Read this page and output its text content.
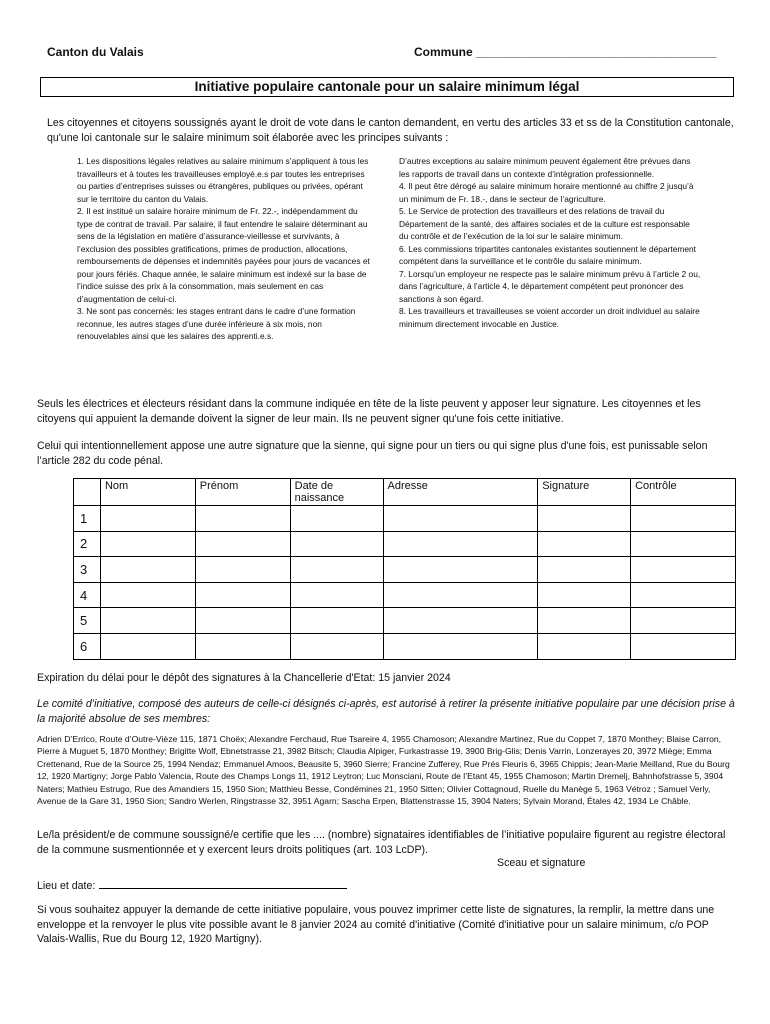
Canton du Valais	Commune ____________________________________
Initiative populaire cantonale pour un salaire minimum légal
Les citoyennes et citoyens soussignés ayant le droit de vote dans le canton demandent, en vertu des articles 33 et ss de la Constitution cantonale, qu'une loi cantonale sur le salaire minimum soit élaborée avec les principes suivants :

1. Les dispositions légales relatives au salaire minimum s’appliquent à tous les travailleurs et à toutes les travailleuses employé.e.s par toutes les entreprises ou parties d’entreprises suisses ou étrangères, publiques ou privées, opérant sur le territoire du canton du Valais.

2. Il est institué un salaire horaire minimum de Fr. 22.-, indépendamment du type de contrat de travail. Par salaire, il faut entendre le salaire déterminant au sens de la législation en matière d’assurance-vieillesse et survivants, à l’exclusion des possibles gratifications, primes de production, allocations, remboursements de dépenses et indemnités payées pour jours de vacances et pour jours fériés. Chaque année, le salaire minimum est indexé sur la base de l’indice suisse des prix à la consommation, mais seulement en cas d’augmentation de celui-ci.

3. Ne sont pas concernés: les stages entrant dans le cadre d’une formation reconnue, les autres stages d’une durée inférieure à six mois, non renouvelables ainsi que les salaires des apprenti.e.s.

D’autres exceptions au salaire minimum peuvent également être prévues dans les rapports de travail dans un contexte d’intégration professionnelle.

4. Il peut être dérogé au salaire minimum horaire mentionné au chiffre 2 jusqu’à un minimum de Fr. 18.-, dans le secteur de l’agriculture.

5. Le Service de protection des travailleurs et des relations de travail du Département de la santé, des affaires sociales et de la culture est responsable du contrôle et de l’exécution de la loi sur le salaire minimum.

6. Les commissions tripartites cantonales existantes soutiennent le département compétent dans la surveillance et le contrôle du salaire minimum.

7. Lorsqu’un employeur ne respecte pas le salaire minimum prévu à l’article 2 ou, dans l’agriculture, à l’article 4, le département compétent peut prononcer des sanctions à son égard.

8. Les travailleurs et travailleuses se voient accorder un droit individuel au salaire minimum directement invocable en Justice.

Seuls les électrices et électeurs résidant dans la commune indiquée en tête de la liste peuvent y apposer leur signature. Les citoyennes et les citoyens qui appuient la demande doivent la signer de leur main. Ils ne peuvent signer qu'une fois cette initiative.
Celui qui intentionnellement appose une autre signature que la sienne, qui signe pour un tiers ou qui signe plus d'une fois, est punissable selon l’article 282 du code pénal.
	Nom	Prénom	Date de naissance	Adresse	Signature	Contrôle
1						
2						
3						
4						
5						
6						
Expiration du délai pour le dépôt des signatures à la Chancellerie d'Etat: 15 janvier 2024
Le comité d’initiative, composé des auteurs de celle-ci désignés ci-après, est autorisé à retirer la présente initiative populaire par une décision prise à la majorité absolue de ses membres:
Adrien D’Errico, Route d’Outre-Vièze 115, 1871 Choëx; Alexandre Ferchaud, Rue Tsareire 4, 1955 Chamoson; Alexandre Martinez, Rue du Coppet 7, 1870 Monthey; Blaise Carron, Pierre à Muguet 5, 1870 Monthey; Brigitte Wolf, Ebnetstrasse 21, 3982 Bitsch; Claudia Alpiger, Furkastrasse 19, 3900 Brig-Glis; Denis Varrin, Lonzerayes 20, 3972 Miège; Emma Crettenand, Rue de la Source 25, 1994 Nendaz; Emmanuel Amoos, Beausite 5, 3960 Sierre; Francine Zufferey, Rue Prés Fleuris 6, 3965 Chippis; Jean-Marie Meilland, Rue du Bourg 12, 1920 Martigny; Jorge Pablo Valencia, Route des Champs Longs 11, 1912 Leytron; Luc Monsciani, Route de l’Etant 45, 1955 Chamoson; Martin Dremelj, Bahnhofstrasse 5, 3904 Naters; Mathieu Estrugo, Rue des Amandiers 15, 1950 Sion; Matthieu Besse, Condémines 21, 1950 Sitten; Olivier Cottagnoud, Ruelle du Manège 5, 1963 Vétroz ; Samuel Verly, Avenue de la Gare 31, 1950 Sion; Sandro Werlen, Ringstrasse 32, 3951 Agarn; Sascha Erpen, Blattenstrasse 15, 3904 Naters; Sylvain Morand, Étales 42, 1934 Le Châble.
Le/la président/e de commune soussigné/e certifie que les .... (nombre) signataires identifiables de l’initiative populaire figurent au registre électoral de la commune susmentionnée et y exercent leurs droits politiques (art. 103 LcDP).
Sceau et signature
Lieu et date:
Si vous souhaitez appuyer la demande de cette initiative populaire, vous pouvez imprimer cette liste de signatures, la remplir, la mettre dans une enveloppe et la renvoyer le plus vite possible avant le 8 janvier 2024 au comité d'initiative (Comité d'initiative pour un salaire minimum, c/o POP Valais-Wallis, Rue du Bourg 12, 1920 Martigny).
